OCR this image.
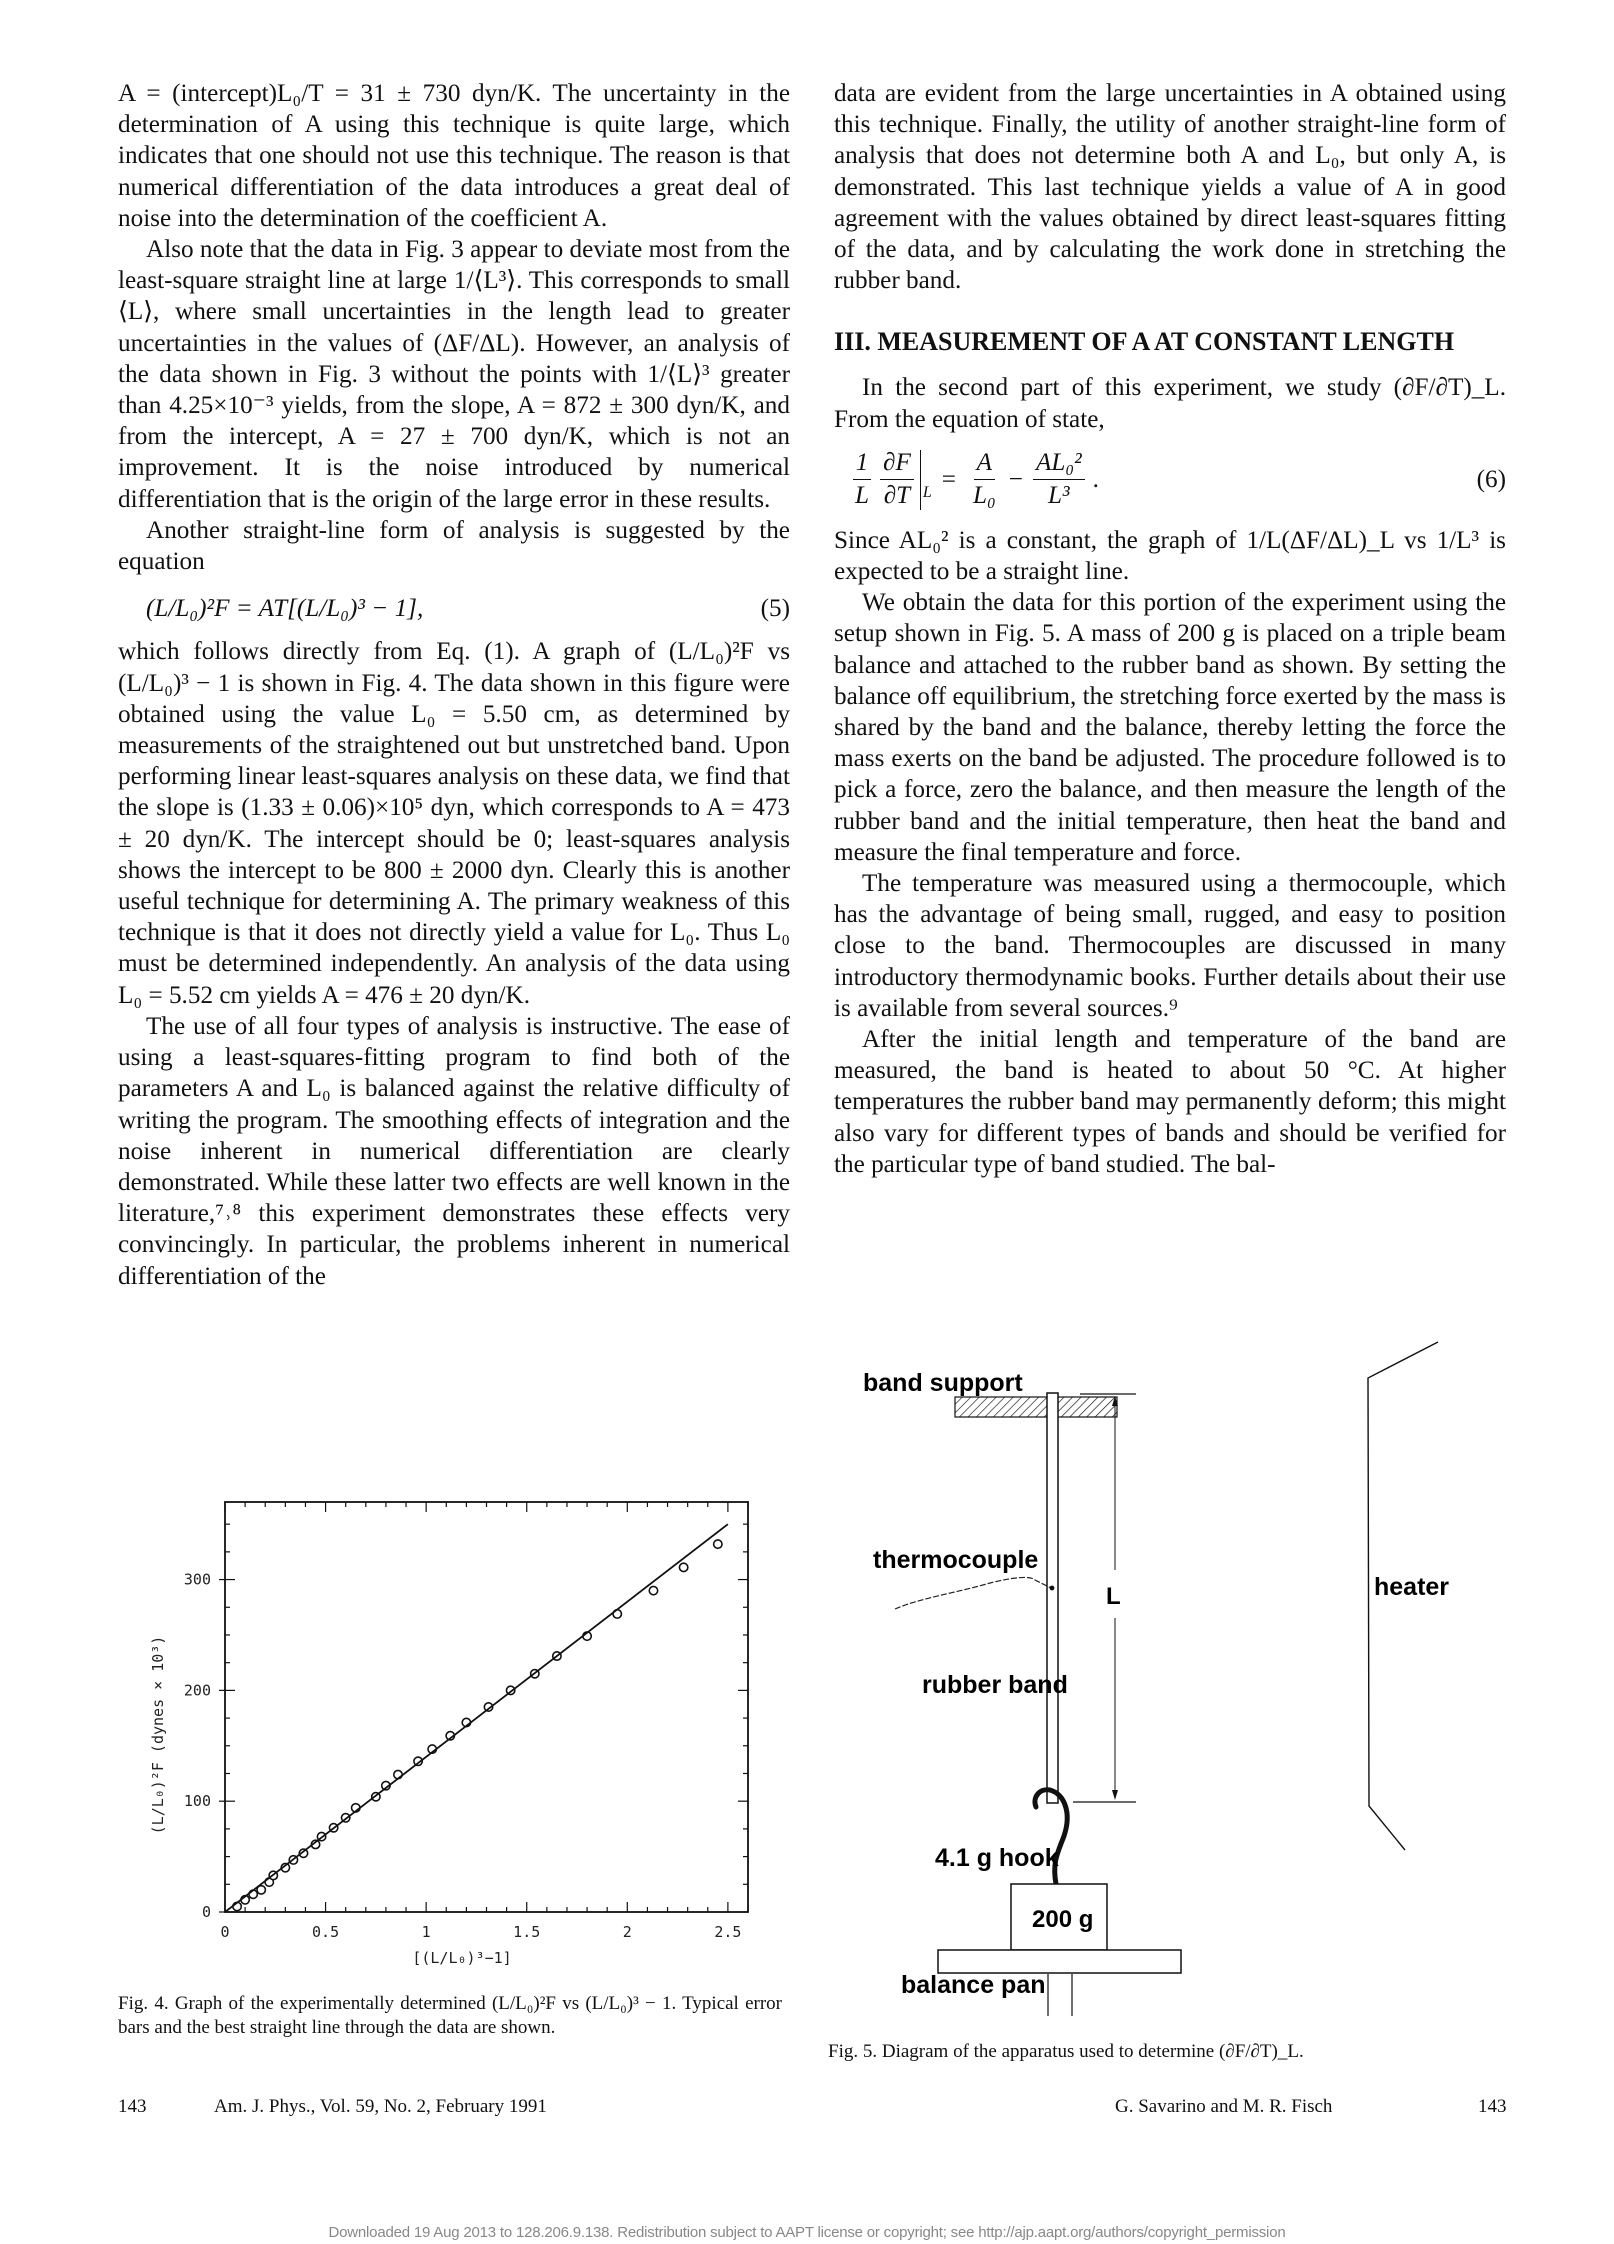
A = (intercept)L₀/T = 31 ± 730 dyn/K. The uncertainty in the determination of A using this technique is quite large, which indicates that one should not use this technique. The reason is that numerical differentiation of the data introduces a great deal of noise into the determination of the coefficient A.

Also note that the data in Fig. 3 appear to deviate most from the least-square straight line at large 1/⟨L³⟩. This corresponds to small ⟨L⟩, where small uncertainties in the length lead to greater uncertainties in the values of (ΔF/ΔL). However, an analysis of the data shown in Fig. 3 without the points with 1/⟨L⟩³ greater than 4.25×10⁻³ yields, from the slope, A = 872 ± 300 dyn/K, and from the intercept, A = 27 ± 700 dyn/K, which is not an improvement. It is the noise introduced by numerical differentiation that is the origin of the large error in these results.

Another straight-line form of analysis is suggested by the equation

(L/L₀)²F = AT[(L/L₀)³ − 1],	(5)

which follows directly from Eq. (1). A graph of (L/L₀)²F vs (L/L₀)³ − 1 is shown in Fig. 4. The data shown in this figure were obtained using the value L₀ = 5.50 cm, as determined by measurements of the straightened out but unstretched band. Upon performing linear least-squares analysis on these data, we find that the slope is (1.33 ± 0.06)×10⁵ dyn, which corresponds to A = 473 ± 20 dyn/K. The intercept should be 0; least-squares analysis shows the intercept to be 800 ± 2000 dyn. Clearly this is another useful technique for determining A. The primary weakness of this technique is that it does not directly yield a value for L₀. Thus L₀ must be determined independently. An analysis of the data using L₀ = 5.52 cm yields A = 476 ± 20 dyn/K.

The use of all four types of analysis is instructive. The ease of using a least-squares-fitting program to find both of the parameters A and L₀ is balanced against the relative difficulty of writing the program. The smoothing effects of integration and the noise inherent in numerical differentiation are clearly demonstrated. While these latter two effects are well known in the literature,⁷˒⁸ this experiment demonstrates these effects very convincingly. In particular, the problems inherent in numerical differentiation of the

data are evident from the large uncertainties in A obtained using this technique. Finally, the utility of another straight-line form of analysis that does not determine both A and L₀, but only A, is demonstrated. This last technique yields a value of A in good agreement with the values obtained by direct least-squares fitting of the data, and by calculating the work done in stretching the rubber band.

III. MEASUREMENT OF A AT CONSTANT LENGTH

In the second part of this experiment, we study (∂F/∂T)_L. From the equation of state,

$\frac{1}{L} \frac{\partial F}{\partial T}$ $L = \frac{A}{\text{L₀}} - \frac{\text{AL₀²}}{\text{L³}}$ .	(6)

Since AL₀² is a constant, the graph of 1/L(ΔF/ΔL)_L vs 1/L³ is expected to be a straight line.

We obtain the data for this portion of the experiment using the setup shown in Fig. 5. A mass of 200 g is placed on a triple beam balance and attached to the rubber band as shown. By setting the balance off equilibrium, the stretching force exerted by the mass is shared by the band and the balance, thereby letting the force the mass exerts on the band be adjusted. The procedure followed is to pick a force, zero the balance, and then measure the length of the rubber band and the initial temperature, then heat the band and measure the final temperature and force.

The temperature was measured using a thermocouple, which has the advantage of being small, rugged, and easy to position close to the band. Thermocouples are discussed in many introductory thermodynamic books. Further details about their use is available from several sources.⁹

After the initial length and temperature of the band are measured, the band is heated to about 50 °C. At higher temperatures the rubber band may permanently deform; this might also vary for different types of bands and should be verified for the particular type of band studied. The bal-

0	0.5	1	1.5	2	2.5
0
100
200
300
[(L/L₀)³−1]
(L/L₀)²F (dynes × 10³)
Fig. 4. Graph of the experimentally determined (L/L₀)²F vs (L/L₀)³ − 1. Typical error bars and the best straight line through the data are shown.
L
200 g
band support
thermocouple
rubber band
4.1 g hook
balance pan
heater
Fig. 5. Diagram of the apparatus used to determine (∂F/∂T)_L.
143	Am. J. Phys., Vol. 59, No. 2, February 1991	G. Savarino and M. R. Fisch	143
Downloaded 19 Aug 2013 to 128.206.9.138. Redistribution subject to AAPT license or copyright; see http://ajp.aapt.org/authors/copyright_permission
